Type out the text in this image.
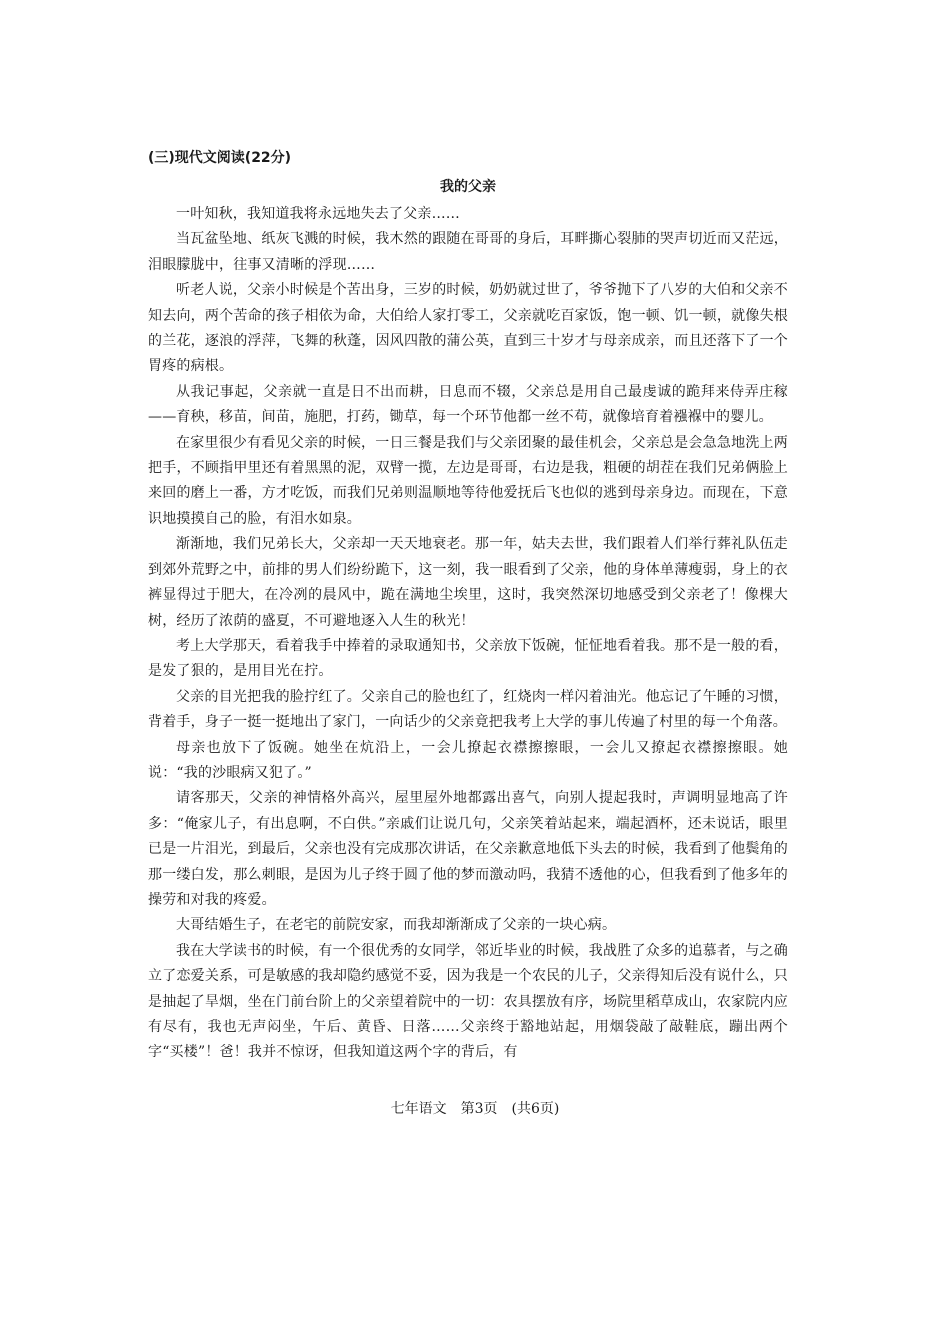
(三)现代文阅读(22分)
我的父亲

一叶知秋，我知道我将永远地失去了父亲……

当瓦盆坠地、纸灰飞溅的时候，我木然的跟随在哥哥的身后，耳畔撕心裂肺的哭声切近而又茫远，泪眼朦胧中，往事又清晰的浮现……

听老人说，父亲小时候是个苦出身，三岁的时候，奶奶就过世了，爷爷抛下了八岁的大伯和父亲不知去向，两个苦命的孩子相依为命，大伯给人家打零工，父亲就吃百家饭，饱一顿、饥一顿，就像失根的兰花，逐浪的浮萍，飞舞的秋蓬，因风四散的蒲公英，直到三十岁才与母亲成亲，而且还落下了一个胃疼的病根。

从我记事起，父亲就一直是日不出而耕，日息而不辍，父亲总是用自己最虔诚的跪拜来侍弄庄稼——育秧，移苗，间苗，施肥，打药，锄草，每一个环节他都一丝不苟，就像培育着襁褓中的婴儿。

在家里很少有看见父亲的时候，一日三餐是我们与父亲团聚的最佳机会，父亲总是会急急地洗上两把手，不顾指甲里还有着黑黑的泥，双臂一揽，左边是哥哥，右边是我，粗硬的胡茬在我们兄弟俩脸上来回的磨上一番，方才吃饭，而我们兄弟则温顺地等待他爱抚后飞也似的逃到母亲身边。而现在，下意识地摸摸自己的脸，有泪水如泉。

渐渐地，我们兄弟长大，父亲却一天天地衰老。那一年，姑夫去世，我们跟着人们举行葬礼队伍走到郊外荒野之中，前排的男人们纷纷跪下，这一刻，我一眼看到了父亲，他的身体单薄瘦弱，身上的衣裤显得过于肥大，在冷冽的晨风中，跪在满地尘埃里，这时，我突然深切地感受到父亲老了！像棵大树，经历了浓荫的盛夏，不可避地逐入人生的秋光！

考上大学那天，看着我手中捧着的录取通知书，父亲放下饭碗，怔怔地看着我。那不是一般的看，是发了狠的，是用目光在拧。

父亲的目光把我的脸拧红了。父亲自己的脸也红了，红烧肉一样闪着油光。他忘记了午睡的习惯，背着手，身子一挺一挺地出了家门，一向话少的父亲竟把我考上大学的事儿传遍了村里的每一个角落。

母亲也放下了饭碗。她坐在炕沿上，一会儿撩起衣襟擦擦眼，一会儿又撩起衣襟擦擦眼。她说：“我的沙眼病又犯了。”

请客那天，父亲的神情格外高兴，屋里屋外地都露出喜气，向别人提起我时，声调明显地高了许多：“俺家儿子，有出息啊，不白供。”亲戚们让说几句，父亲笑着站起来，端起酒杯，还未说话，眼里已是一片泪光，到最后，父亲也没有完成那次讲话，在父亲歉意地低下头去的时候，我看到了他鬓角的那一缕白发，那么刺眼，是因为儿子终于圆了他的梦而激动吗，我猜不透他的心，但我看到了他多年的操劳和对我的疼爱。

大哥结婚生子，在老宅的前院安家，而我却渐渐成了父亲的一块心病。

我在大学读书的时候，有一个很优秀的女同学，邻近毕业的时候，我战胜了众多的追慕者，与之确立了恋爱关系，可是敏感的我却隐约感觉不妥，因为我是一个农民的儿子，父亲得知后没有说什么，只是抽起了旱烟，坐在门前台阶上的父亲望着院中的一切：农具摆放有序，场院里稻草成山，农家院内应有尽有，我也无声闷坐，午后、黄昏、日落……父亲终于豁地站起，用烟袋敲了敲鞋底，蹦出两个字“买楼”！爸！我并不惊讶，但我知道这两个字的背后，有

七年语文　第3页　(共6页)
